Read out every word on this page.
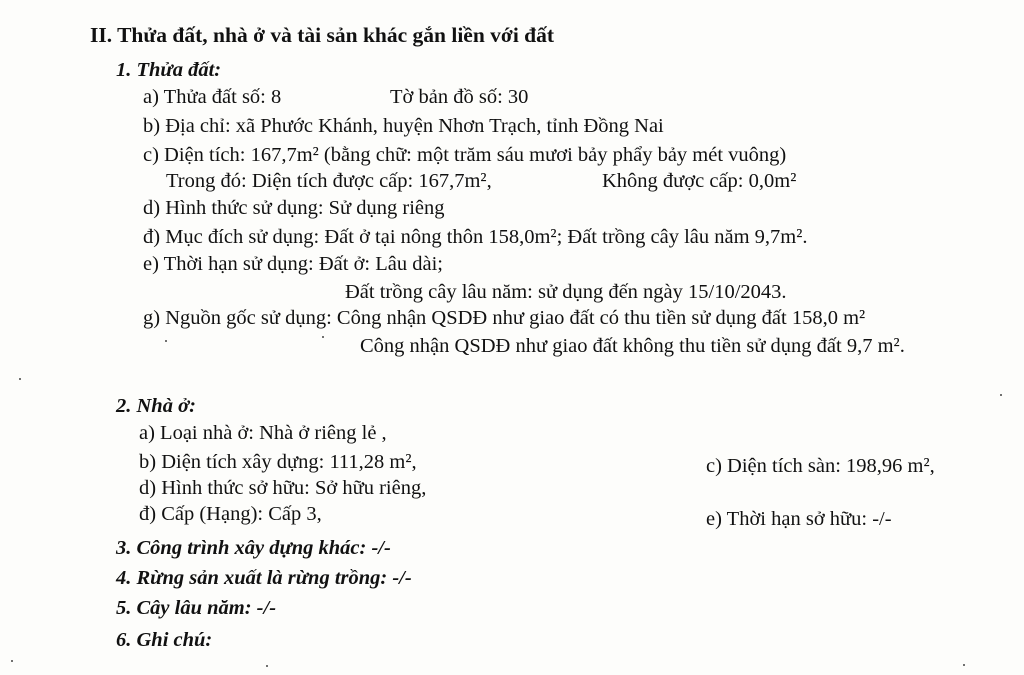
II. Thửa đất, nhà ở và tài sản khác gắn liền với đất
1. Thửa đất:
a) Thửa đất số: 8	Tờ bản đồ số: 30
b) Địa chỉ: xã Phước Khánh, huyện Nhơn Trạch, tỉnh Đồng Nai
c) Diện tích: 167,7m² (bằng chữ: một trăm sáu mươi bảy phẩy bảy mét vuông)
Trong đó: Diện tích được cấp: 167,7m²,	Không được cấp: 0,0m²
d) Hình thức sử dụng: Sử dụng riêng
đ) Mục đích sử dụng: Đất ở tại nông thôn 158,0m²; Đất trồng cây lâu năm 9,7m².
e) Thời hạn sử dụng: Đất ở: Lâu dài;
Đất trồng cây lâu năm: sử dụng đến ngày 15/10/2043.
g) Nguồn gốc sử dụng: Công nhận QSDĐ như giao đất có thu tiền sử dụng đất 158,0 m²
Công nhận QSDĐ như giao đất không thu tiền sử dụng đất 9,7 m².
2. Nhà ở:
a) Loại nhà ở: Nhà ở riêng lẻ ,
b) Diện tích xây dựng: 111,28 m²,	c) Diện tích sàn: 198,96 m²,
d) Hình thức sở hữu: Sở hữu riêng,
đ) Cấp (Hạng): Cấp 3,	e) Thời hạn sở hữu: -/-
3. Công trình xây dựng khác: -/-
4. Rừng sản xuất là rừng trồng: -/-
5. Cây lâu năm: -/-
6. Ghi chú:
